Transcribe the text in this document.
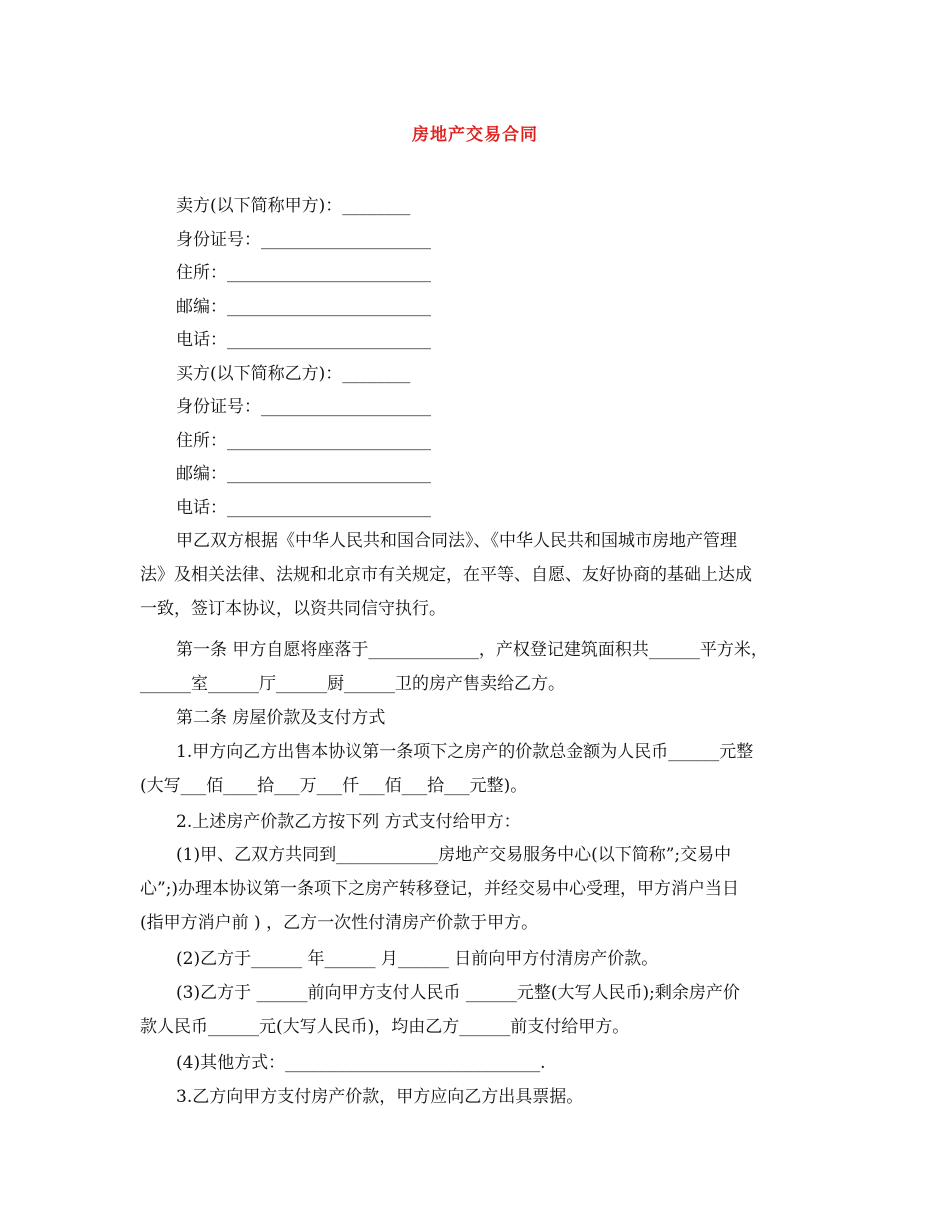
房地产交易合同
卖方(以下简称甲方)：________
身份证号：____________________
住所：________________________
邮编：________________________
电话：________________________
买方(以下简称乙方)：________
身份证号：____________________
住所：________________________
邮编：________________________
电话：________________________
甲乙双方根据《中华人民共和国合同法》、《中华人民共和国城市房地产管理
法》及相关法律、法规和北京市有关规定，在平等、自愿、友好协商的基础上达成
一致，签订本协议，以资共同信守执行。
第一条 甲方自愿将座落于_____________，产权登记建筑面积共______平方米，
______室______厅______厨______卫的房产售卖给乙方。
第二条 房屋价款及支付方式
1.甲方向乙方出售本协议第一条项下之房产的价款总金额为人民币______元整
(大写___佰____拾___万___仟___佰___拾___元整)。
2.上述房产价款乙方按下列 方式支付给甲方：
(1)甲、乙双方共同到____________房地产交易服务中心(以下简称”;交易中
心”;)办理本协议第一条项下之房产转移登记，并经交易中心受理，甲方消户当日
(指甲方消户前 ) ，乙方一次性付清房产价款于甲方。
(2)乙方于______ 年______ 月______ 日前向甲方付清房产价款。
(3)乙方于 ______前向甲方支付人民币 ______元整(大写人民币);剩余房产价
款人民币______元(大写人民币)，均由乙方______前支付给甲方。
(4)其他方式：______________________________.
3.乙方向甲方支付房产价款，甲方应向乙方出具票据。
